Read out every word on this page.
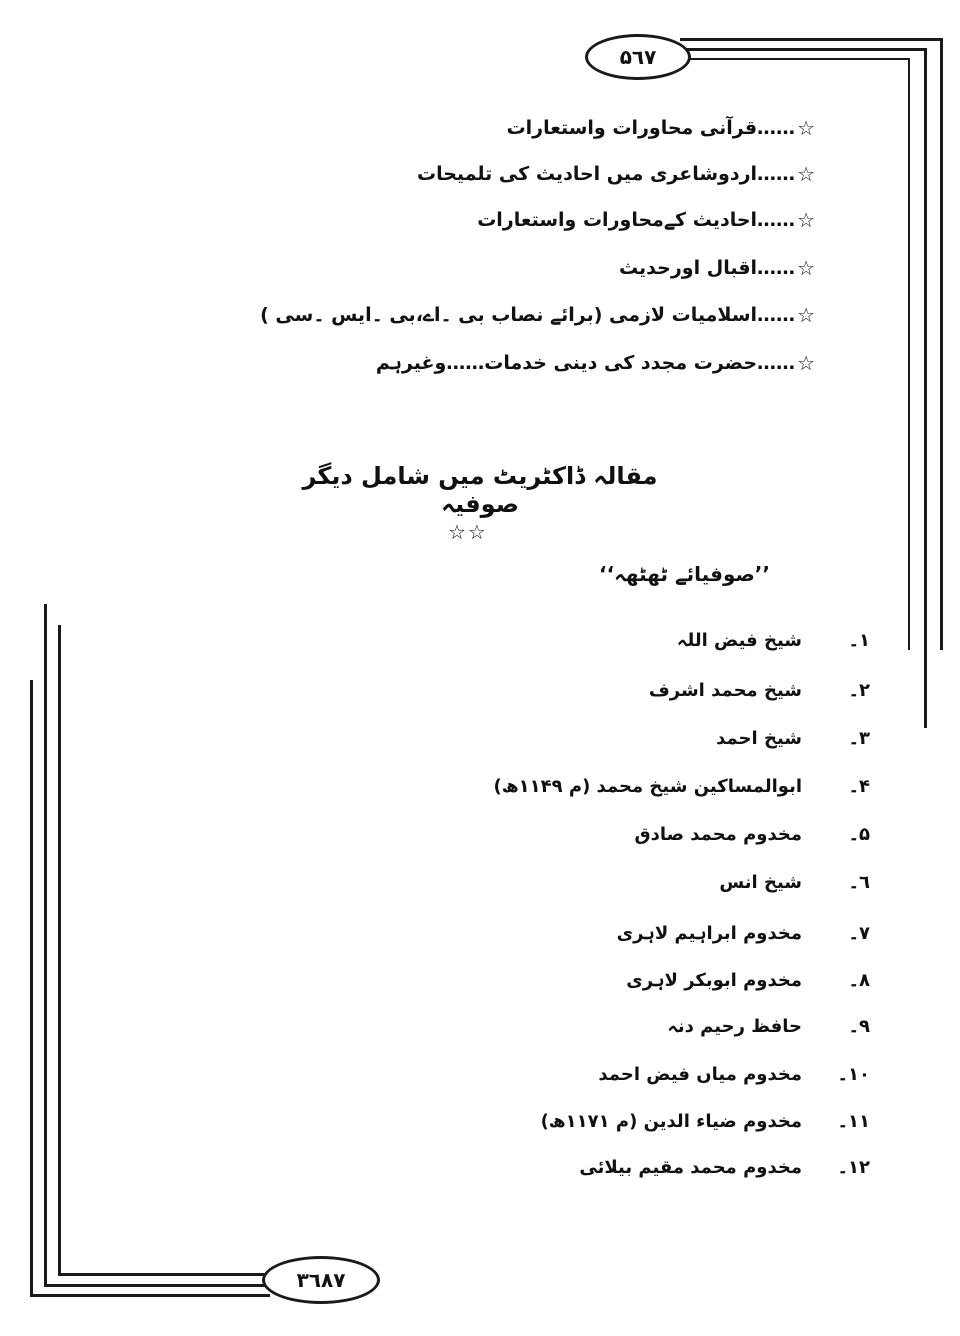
۵٦٧
۳٦٨٧
☆
……قرآنی محاورات واستعارات
☆
……اردوشاعری میں احادیث کی تلمیحات
☆
……احادیث کےمحاورات واستعارات
☆
……اقبال اورحدیث
☆
……اسلامیات لازمی (برائے نصاب بی ۔اے،بی ۔ایس ۔سی )
☆
……حضرت مجدد کی دینی خدمات……وغیرہم
مقالہ ڈاکٹریٹ میں شامل دیگر صوفیہ
☆☆
’’صوفیائے ٹھٹھہ‘‘
۱۔
شیخ فیض اللہ
۲۔
شیخ محمد اشرف
۳۔
شیخ احمد
۴۔
ابوالمساکین شیخ محمد (م ۱۱۴۹ھ)
۵۔
مخدوم محمد صادق
٦۔
شیخ انس
۷۔
مخدوم ابراہیم لاہری
۸۔
مخدوم ابوبکر لاہری
۹۔
حافظ رحیم دنہ
۱۰۔
مخدوم میاں فیض احمد
۱۱۔
مخدوم ضیاء الدین (م ۱۱۷۱ھ)
۱۲۔
مخدوم محمد مقیم بیلائی
